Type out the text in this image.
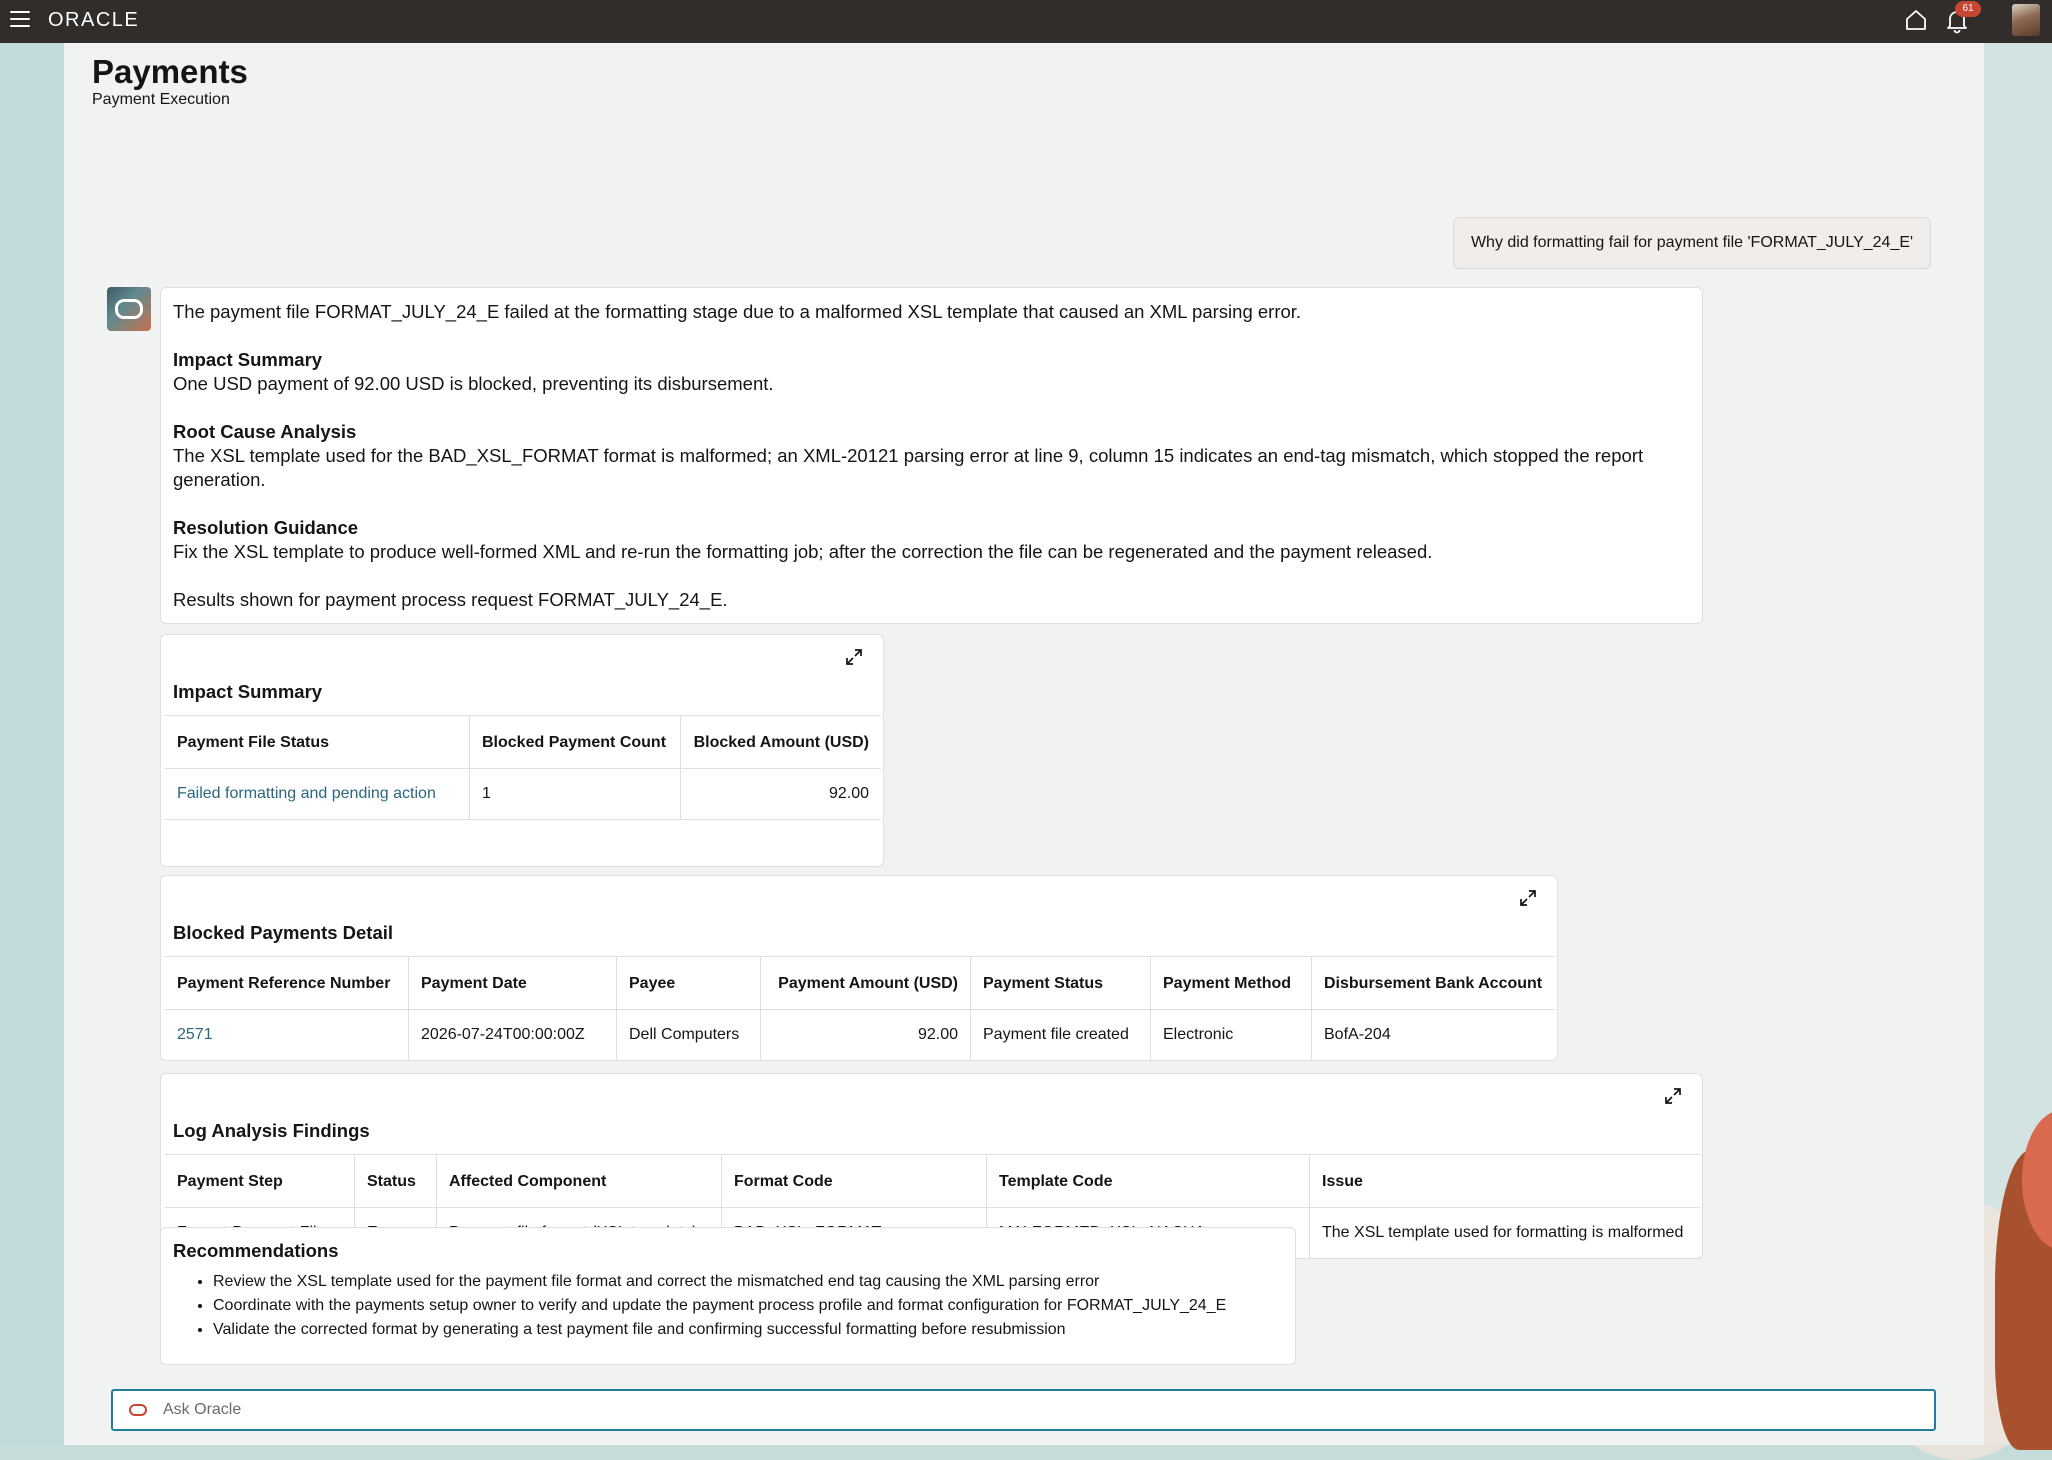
ORACLE
61
Payments
Payment Execution
Why did formatting fail for payment file 'FORMAT_JULY_24_E'

The payment file FORMAT_JULY_24_E failed at the formatting stage due to a malformed XSL template that caused an XML parsing error.

Impact Summary
One USD payment of 92.00 USD is blocked, preventing its disbursement.

Root Cause Analysis
The XSL template used for the BAD_XSL_FORMAT format is malformed; an XML-20121 parsing error at line 9, column 15 indicates an end-tag mismatch, which stopped the report generation.

Resolution Guidance
Fix the XSL template to produce well-formed XML and re-run the formatting job; after the correction the file can be regenerated and the payment released.

Results shown for payment process request FORMAT_JULY_24_E.

Impact Summary
Payment File Status	Blocked Payment Count	Blocked Amount (USD)
Failed formatting and pending action	1	92.00
Blocked Payments Detail
Payment Reference Number	Payment Date	Payee	Payment Amount (USD)	Payment Status	Payment Method	Disbursement Bank Account
2571	2026-07-24T00:00:00Z	Dell Computers	92.00	Payment file created	Electronic	BofA-204
Log Analysis Findings
Payment Step	Status	Affected Component	Format Code	Template Code	Issue
					The XSL template used for formatting is malformed
Recommendations
• Review the XSL template used for the payment file format and correct the mismatched end tag causing the XML parsing error
• Coordinate with the payments setup owner to verify and update the payment process profile and format configuration for FORMAT_JULY_24_E
• Validate the corrected format by generating a test payment file and confirming successful formatting before resubmission
Ask Oracle
